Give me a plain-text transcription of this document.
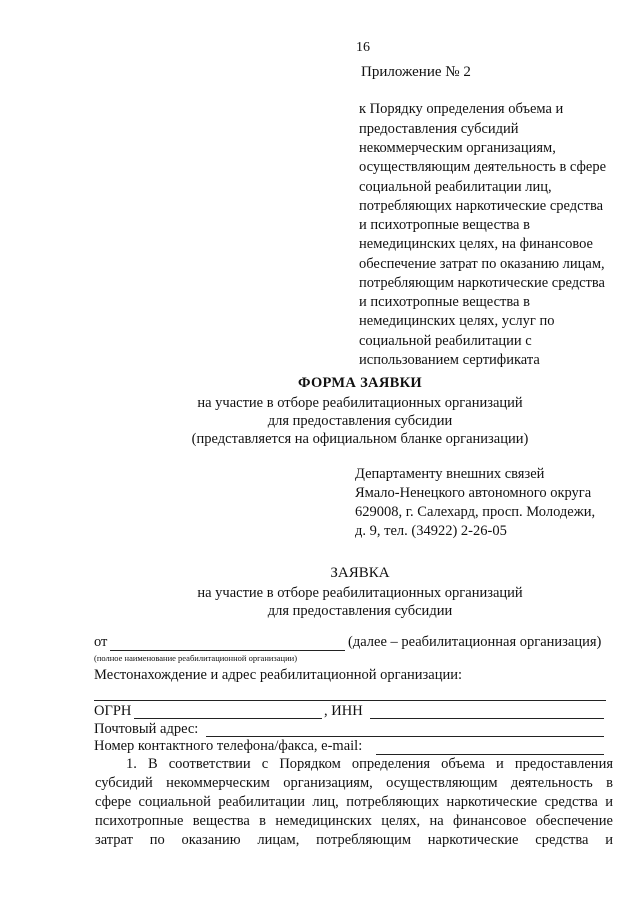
16
Приложение № 2
к Порядку определения объема и
предоставления субсидий
некоммерческим организациям,
осуществляющим деятельность в сфере
социальной реабилитации лиц,
потребляющих наркотические средства
и психотропные вещества в
немедицинских целях, на финансовое
обеспечение затрат по оказанию лицам,
потребляющим наркотические средства
и психотропные вещества в
немедицинских целях, услуг по
социальной реабилитации с
использованием сертификата
ФОРМА ЗАЯВКИ
на участие в отборе реабилитационных организаций
для предоставления субсидии
(представляется на официальном бланке организации)
Департаменту внешних связей
Ямало-Ненецкого автономного округа
629008, г. Салехард, просп. Молодежи,
д. 9, тел. (34922) 2-26-05
ЗАЯВКА
на участие в отборе реабилитационных организаций
для предоставления субсидии
от	(далее – реабилитационная организация)
(полное наименование реабилитационной организации)
Местонахождение и адрес реабилитационной организации:
ОГРН	, ИНН
Почтовый адрес:
Номер контактного телефона/факса, e-mail:
1. В соответствии с Порядком определения объема и предоставления
субсидий некоммерческим организациям, осуществляющим деятельность в
сфере социальной реабилитации лиц, потребляющих наркотические средства и
психотропные вещества в немедицинских целях, на финансовое обеспечение
затрат по оказанию лицам, потребляющим наркотические средства и
